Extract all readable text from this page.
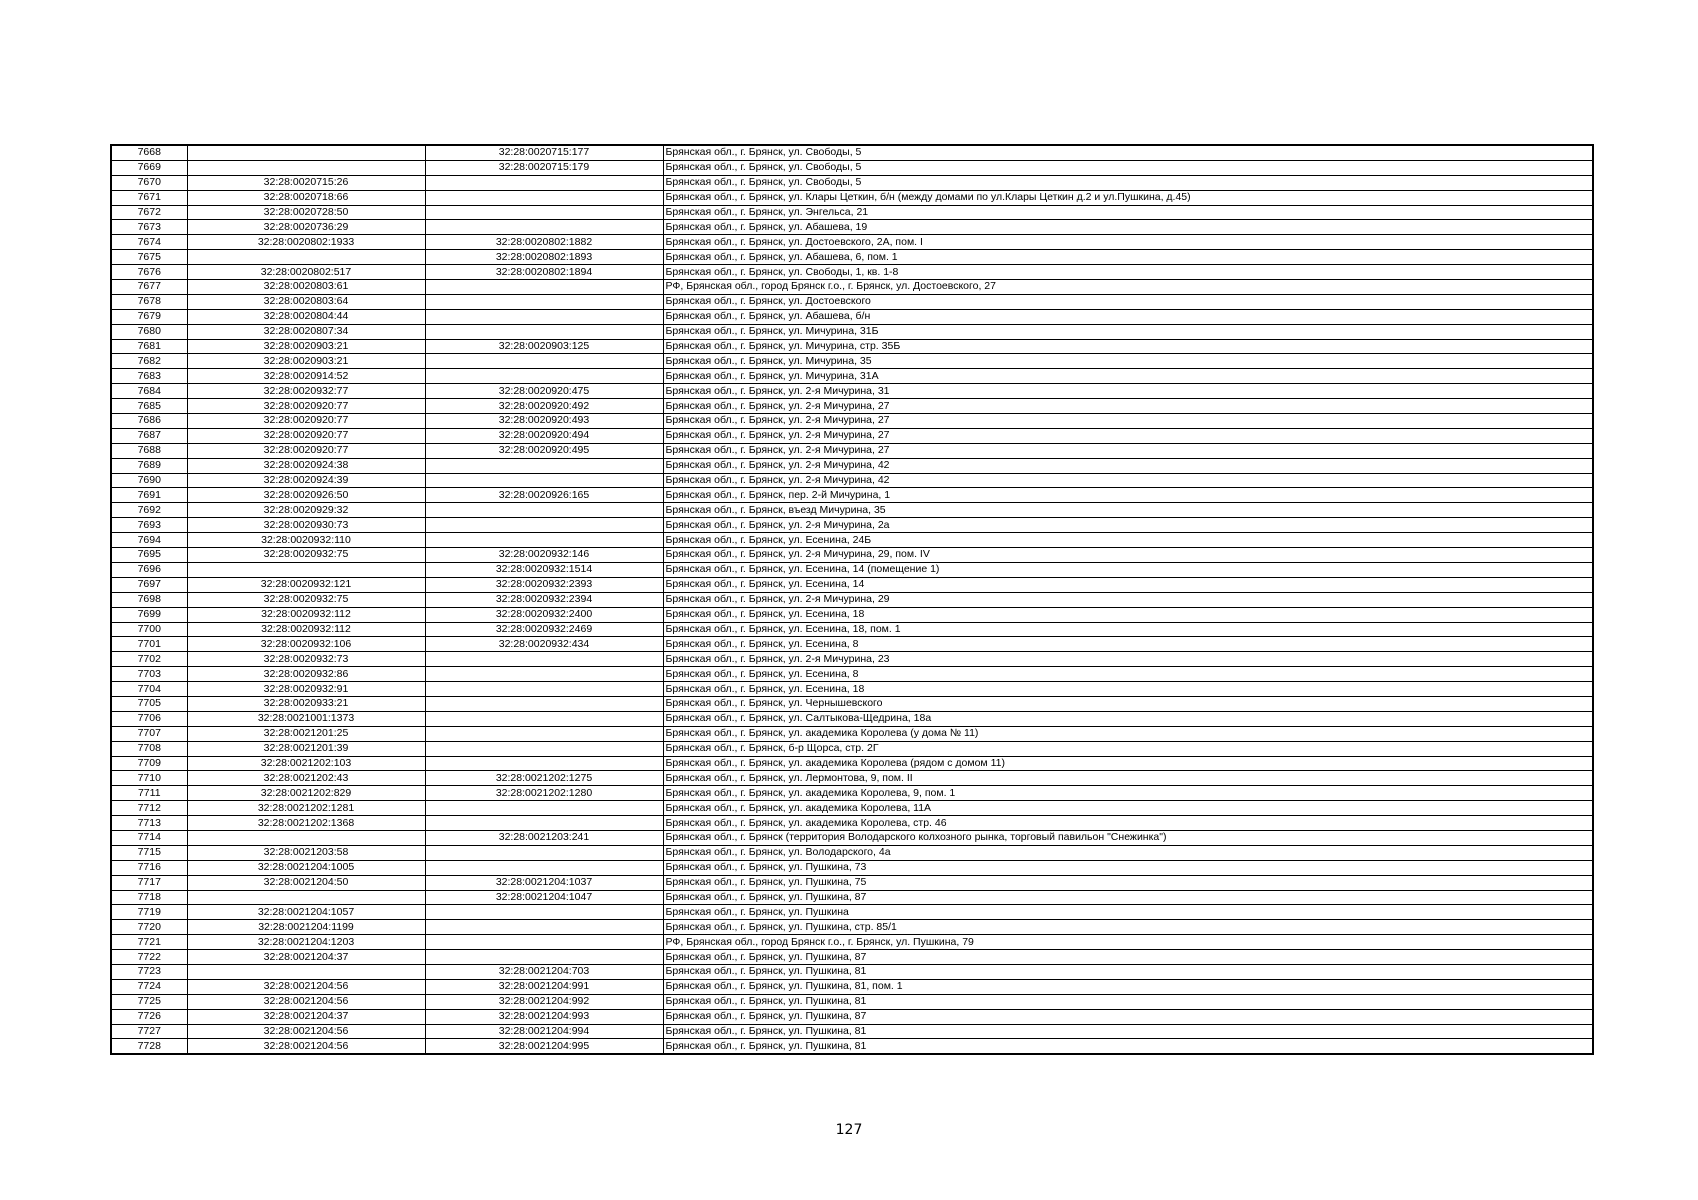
7668		32:28:0020715:177	Брянская обл., г. Брянск, ул. Свободы, 5
7669		32:28:0020715:179	Брянская обл., г. Брянск, ул. Свободы, 5
7670	32:28:0020715:26		Брянская обл., г. Брянск, ул. Свободы, 5
7671	32:28:0020718:66		Брянская обл., г. Брянск, ул. Клары Цеткин, б/н (между домами по ул.Клары Цеткин д.2 и ул.Пушкина, д.45)
7672	32:28:0020728:50		Брянская обл., г. Брянск, ул. Энгельса, 21
7673	32:28:0020736:29		Брянская обл., г. Брянск, ул. Абашева, 19
7674	32:28:0020802:1933	32:28:0020802:1882	Брянская обл., г. Брянск, ул. Достоевского, 2А, пом. I
7675		32:28:0020802:1893	Брянская обл., г. Брянск, ул. Абашева, 6, пом. 1
7676	32:28:0020802:517	32:28:0020802:1894	Брянская обл., г. Брянск, ул. Свободы, 1, кв. 1-8
7677	32:28:0020803:61		РФ, Брянская обл., город Брянск г.о., г. Брянск, ул. Достоевского, 27
7678	32:28:0020803:64		Брянская обл., г. Брянск, ул. Достоевского
7679	32:28:0020804:44		Брянская обл., г. Брянск, ул. Абашева, б/н
7680	32:28:0020807:34		Брянская обл., г. Брянск, ул. Мичурина, 31Б
7681	32:28:0020903:21	32:28:0020903:125	Брянская обл., г. Брянск, ул. Мичурина, стр. 35Б
7682	32:28:0020903:21		Брянская обл., г. Брянск, ул. Мичурина, 35
7683	32:28:0020914:52		Брянская обл., г. Брянск, ул. Мичурина, 31А
7684	32:28:0020932:77	32:28:0020920:475	Брянская обл., г. Брянск, ул. 2-я Мичурина, 31
7685	32:28:0020920:77	32:28:0020920:492	Брянская обл., г. Брянск, ул. 2-я Мичурина, 27
7686	32:28:0020920:77	32:28:0020920:493	Брянская обл., г. Брянск, ул. 2-я Мичурина, 27
7687	32:28:0020920:77	32:28:0020920:494	Брянская обл., г. Брянск, ул. 2-я Мичурина, 27
7688	32:28:0020920:77	32:28:0020920:495	Брянская обл., г. Брянск, ул. 2-я Мичурина, 27
7689	32:28:0020924:38		Брянская обл., г. Брянск, ул. 2-я Мичурина, 42
7690	32:28:0020924:39		Брянская обл., г. Брянск, ул. 2-я Мичурина, 42
7691	32:28:0020926:50	32:28:0020926:165	Брянская обл., г. Брянск, пер. 2-й Мичурина, 1
7692	32:28:0020929:32		Брянская обл., г. Брянск, въезд Мичурина, 35
7693	32:28:0020930:73		Брянская обл., г. Брянск, ул. 2-я Мичурина, 2а
7694	32:28:0020932:110		Брянская обл., г. Брянск, ул. Есенина, 24Б
7695	32:28:0020932:75	32:28:0020932:146	Брянская обл., г. Брянск, ул. 2-я Мичурина, 29, пом. IV
7696		32:28:0020932:1514	Брянская обл., г. Брянск, ул. Есенина, 14 (помещение 1)
7697	32:28:0020932:121	32:28:0020932:2393	Брянская обл., г. Брянск, ул. Есенина, 14
7698	32:28:0020932:75	32:28:0020932:2394	Брянская обл., г. Брянск, ул. 2-я Мичурина, 29
7699	32:28:0020932:112	32:28:0020932:2400	Брянская обл., г. Брянск, ул. Есенина, 18
7700	32:28:0020932:112	32:28:0020932:2469	Брянская обл., г. Брянск, ул. Есенина, 18, пом. 1
7701	32:28:0020932:106	32:28:0020932:434	Брянская обл., г. Брянск, ул. Есенина, 8
7702	32:28:0020932:73		Брянская обл., г. Брянск, ул. 2-я Мичурина, 23
7703	32:28:0020932:86		Брянская обл., г. Брянск, ул. Есенина, 8
7704	32:28:0020932:91		Брянская обл., г. Брянск, ул. Есенина, 18
7705	32:28:0020933:21		Брянская обл., г. Брянск, ул. Чернышевского
7706	32:28:0021001:1373		Брянская обл., г. Брянск, ул. Салтыкова-Щедрина, 18а
7707	32:28:0021201:25		Брянская обл., г. Брянск, ул. академика Королева (у дома № 11)
7708	32:28:0021201:39		Брянская обл., г. Брянск, б-р Щорса, стр. 2Г
7709	32:28:0021202:103		Брянская обл., г. Брянск, ул. академика Королева (рядом с домом 11)
7710	32:28:0021202:43	32:28:0021202:1275	Брянская обл., г. Брянск, ул. Лермонтова, 9, пом. II
7711	32:28:0021202:829	32:28:0021202:1280	Брянская обл., г. Брянск, ул. академика Королева, 9, пом. 1
7712	32:28:0021202:1281		Брянская обл., г. Брянск, ул. академика Королева, 11А
7713	32:28:0021202:1368		Брянская обл., г. Брянск, ул. академика Королева, стр. 46
7714		32:28:0021203:241	Брянская обл., г. Брянск (территория Володарского колхозного рынка, торговый павильон "Снежинка")
7715	32:28:0021203:58		Брянская обл., г. Брянск, ул. Володарского, 4а
7716	32:28:0021204:1005		Брянская обл., г. Брянск, ул. Пушкина, 73
7717	32:28:0021204:50	32:28:0021204:1037	Брянская обл., г. Брянск, ул. Пушкина, 75
7718		32:28:0021204:1047	Брянская обл., г. Брянск, ул. Пушкина, 87
7719	32:28:0021204:1057		Брянская обл., г. Брянск, ул. Пушкина
7720	32:28:0021204:1199		Брянская обл., г. Брянск, ул. Пушкина, стр. 85/1
7721	32:28:0021204:1203		РФ, Брянская обл., город Брянск г.о., г. Брянск, ул. Пушкина, 79
7722	32:28:0021204:37		Брянская обл., г. Брянск, ул. Пушкина, 87
7723		32:28:0021204:703	Брянская обл., г. Брянск, ул. Пушкина, 81
7724	32:28:0021204:56	32:28:0021204:991	Брянская обл., г. Брянск, ул. Пушкина, 81, пом. 1
7725	32:28:0021204:56	32:28:0021204:992	Брянская обл., г. Брянск, ул. Пушкина, 81
7726	32:28:0021204:37	32:28:0021204:993	Брянская обл., г. Брянск, ул. Пушкина, 87
7727	32:28:0021204:56	32:28:0021204:994	Брянская обл., г. Брянск, ул. Пушкина, 81
7728	32:28:0021204:56	32:28:0021204:995	Брянская обл., г. Брянск, ул. Пушкина, 81
127
